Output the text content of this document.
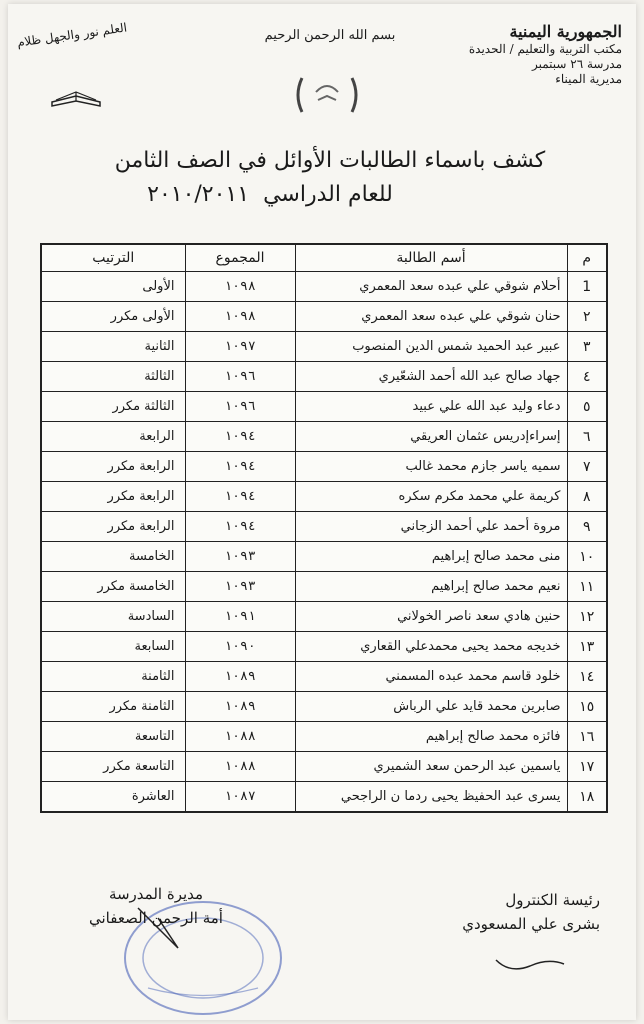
الجمهورية اليمنية
مكتب التربية والتعليم / الحديدة
مدرسة ٢٦ سبتمبر
مديرية الميناء
بسم الله الرحمن الرحيم
العلم نور والجهل ظلام
كشف باسماء الطالبات الأوائل في الصف الثامن
للعام الدراسي٢٠١٠/٢٠١١
م	أسم الطالبة	المجموع	الترتيب
1	أحلام شوقي علي عبده سعد المعمري	١٠٩٨	الأولى
٢	حنان شوقي علي عبده سعد المعمري	١٠٩٨	الأولى مكرر
٣	عبير عبد الحميد شمس الدين المنصوب	١٠٩٧	الثانية
٤	جهاد صالح عبد الله أحمد الشعّيري	١٠٩٦	الثالثة
٥	دعاء وليد عبد الله علي عبيد	١٠٩٦	الثالثة مكرر
٦	إسراءإدريس عثمان العريقي	١٠٩٤	الرابعة
٧	سميه ياسر جازم محمد غالب	١٠٩٤	الرابعة مكرر
٨	كريمة علي محمد مكرم سكره	١٠٩٤	الرابعة مكرر
٩	مروة أحمد علي أحمد الزجاني	١٠٩٤	الرابعة مكرر
١٠	منى محمد صالح إبراهيم	١٠٩٣	الخامسة
١١	نعيم محمد صالح إبراهيم	١٠٩٣	الخامسة مكرر
١٢	حنين هادي سعد ناصر الخولاني	١٠٩١	السادسة
١٣	خديجه محمد يحيى محمدعلي القعاري	١٠٩٠	السابعة
١٤	خلود قاسم محمد عبده المسمني	١٠٨٩	الثامنة
١٥	صابرين محمد قايد علي الرباش	١٠٨٩	الثامنة مكرر
١٦	فائزه محمد صالح إبراهيم	١٠٨٨	التاسعة
١٧	ياسمين عبد الرحمن سعد الشميري	١٠٨٨	التاسعة مكرر
١٨	يسرى عبد الحفيظ يحيى ردما ن الراجحي	١٠٨٧	العاشرة
رئيسة الكنترول
بشرى علي المسعودي
مديرة المدرسة
أمة الرحمن الصعفاني
